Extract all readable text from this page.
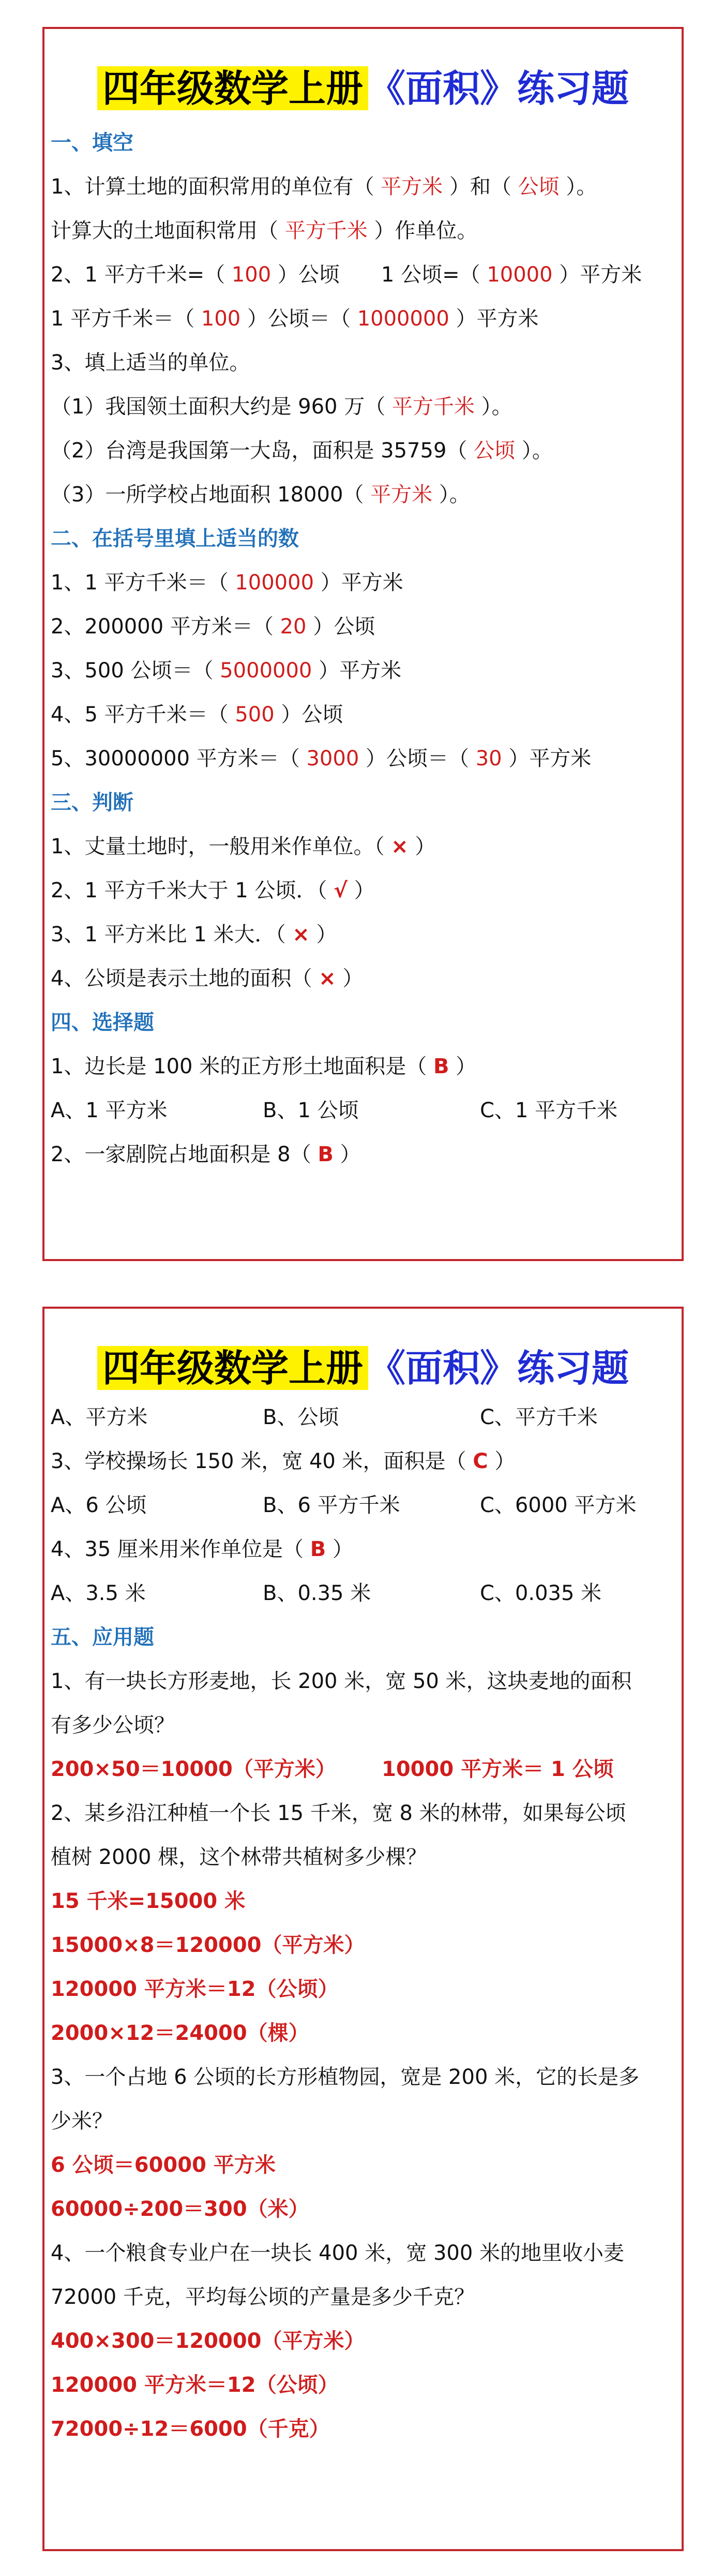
四年级数学上册 《面积》练习题
一、填空
1、计算土地的面积常用的单位有（ 平方米 ）和（ 公顷 ）。
计算大的土地面积常用（ 平方千米 ）作单位。
2、1 平方千米=（ 100 ）公顷　　1 公顷=（ 10000 ）平方米
1 平方千米＝（ 100 ）公顷＝（ 1000000 ）平方米
3、填上适当的单位。
（1）我国领土面积大约是 960 万（ 平方千米 ）。
（2）台湾是我国第一大岛，面积是 35759（ 公顷 ）。
（3）一所学校占地面积 18000（ 平方米 ）。
二、在括号里填上适当的数
1、1 平方千米＝（ 100000 ）平方米
2、200000 平方米＝（ 20 ）公顷
3、500 公顷＝（ 5000000 ）平方米
4、5 平方千米＝（ 500 ）公顷
5、30000000 平方米＝（ 3000 ）公顷＝（ 30 ）平方米
三、判断
1、丈量土地时，一般用米作单位。（ × ）
2、1 平方千米大于 1 公顷．（ √ ）
3、1 平方米比 1 米大．（ × ）
4、公顷是表示土地的面积（ × ）
四、选择题
1、边长是 100 米的正方形土地面积是（ B ）
A、1 平方米	B、1 公顷	C、1 平方千米
2、一家剧院占地面积是 8（ B ）
四年级数学上册 《面积》练习题
A、平方米	B、公顷	C、平方千米
3、学校操场长 150 米，宽 40 米，面积是（ C ）
A、6 公顷	B、6 平方千米	C、6000 平方米
4、35 厘米用米作单位是（ B ）
A、3.5 米	B、0.35 米	C、0.035 米
五、应用题
1、有一块长方形麦地，长 200 米，宽 50 米，这块麦地的面积
有多少公顷？
200×50＝10000（平方米） 10000 平方米＝ 1 公顷
2、某乡沿江种植一个长 15 千米，宽 8 米的林带，如果每公顷
植树 2000 棵，这个林带共植树多少棵？
15 千米=15000 米
15000×8＝120000（平方米）
120000 平方米＝12（公顷）
2000×12＝24000（棵）
3、一个占地 6 公顷的长方形植物园，宽是 200 米，它的长是多
少米？
6 公顷＝60000 平方米
60000÷200＝300（米）
4、一个粮食专业户在一块长 400 米，宽 300 米的地里收小麦
72000 千克，平均每公顷的产量是多少千克？
400×300＝120000（平方米）
120000 平方米＝12（公顷）
72000÷12＝6000（千克）
